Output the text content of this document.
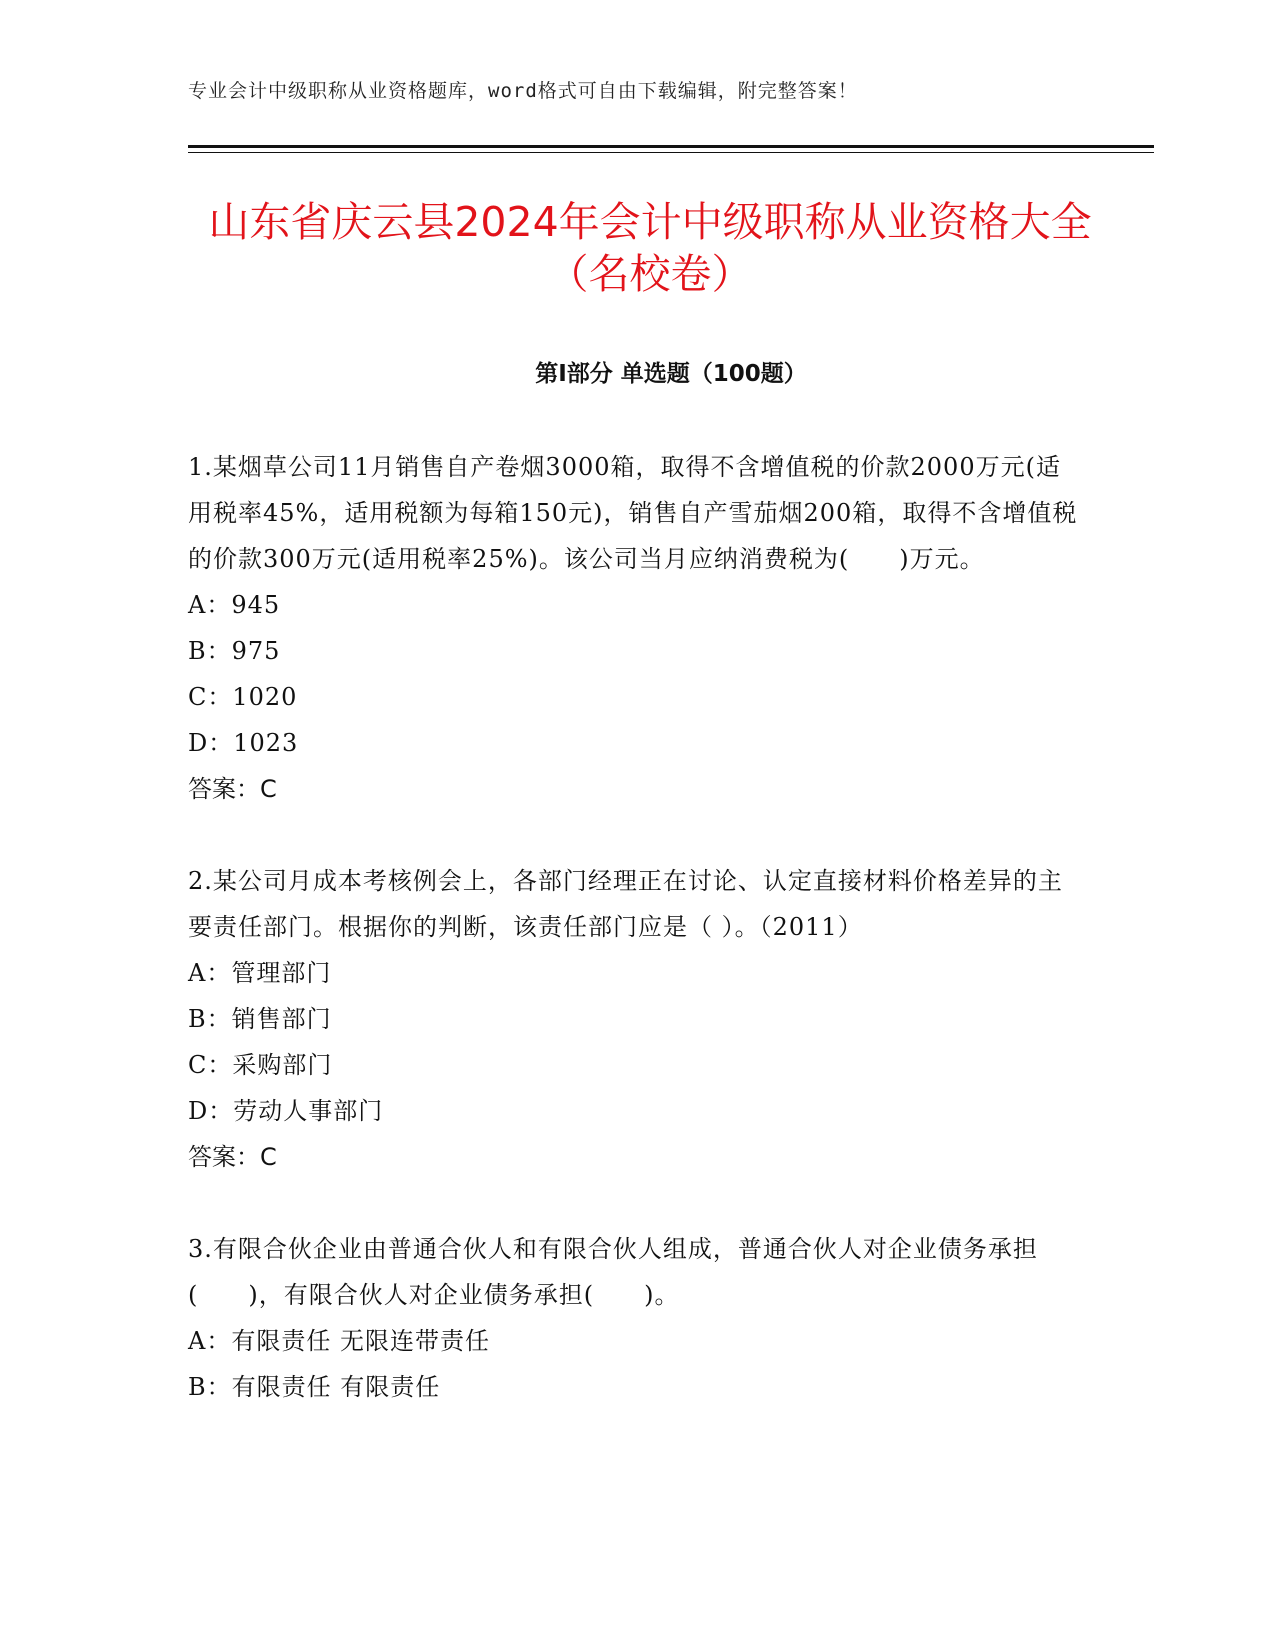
专业会计中级职称从业资格题库，word格式可自由下载编辑，附完整答案！
山东省庆云县2024年会计中级职称从业资格大全（名校卷）
第Ⅰ部分 单选题（100题）

1.某烟草公司11月销售自产卷烟3000箱，取得不含增值税的价款2000万元(适用税率45%，适用税额为每箱150元)，销售自产雪茄烟200箱，取得不含增值税的价款300万元(适用税率25%)。该公司当月应纳消费税为(　　)万元。

A：945

B：975

C：1020

D：1023

答案：C

2.某公司月成本考核例会上，各部门经理正在讨论、认定直接材料价格差异的主要责任部门。根据你的判断，该责任部门应是（ ）。（2011）

A：管理部门

B：销售部门

C：采购部门

D：劳动人事部门

答案：C

3.有限合伙企业由普通合伙人和有限合伙人组成，普通合伙人对企业债务承担(　　)，有限合伙人对企业债务承担(　　)。

A：有限责任 无限连带责任

B：有限责任 有限责任
